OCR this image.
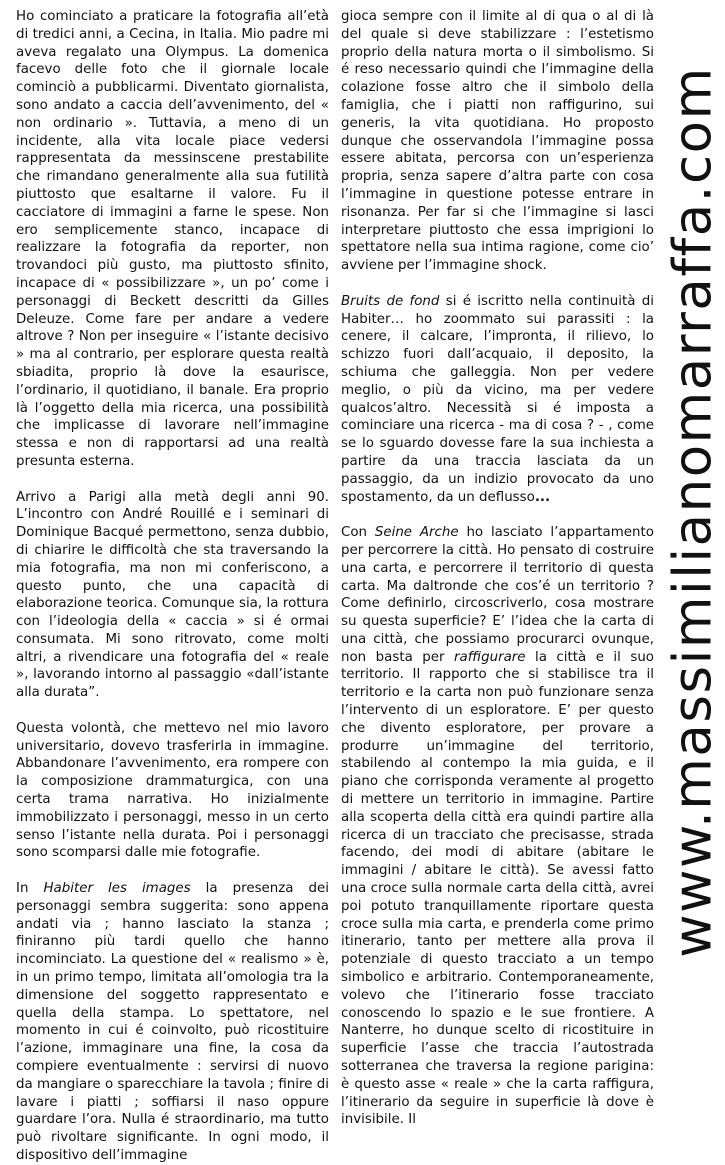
Ho cominciato a praticare la fotografia all’età di tredici anni, a Cecina, in Italia. Mio padre mi aveva regalato una Olympus. La domenica facevo delle foto che il giornale locale cominciò a pubblicarmi. Diventato giornalista, sono andato a caccia dell’avvenimento, del « non ordinario ». Tuttavia, a meno di un incidente, alla vita locale piace vedersi rappresentata da messinscene prestabilite che rimandano generalmente alla sua futilità piuttosto que esaltarne il valore. Fu il cacciatore di immagini a farne le spese. Non ero semplicemente stanco, incapace di realizzare la fotografia da reporter, non trovandoci più gusto, ma piuttosto sfinito, incapace di « possibilizzare », un po’ come i personaggi di Beckett descritti da Gilles Deleuze. Come fare per andare a vedere altrove ? Non per inseguire « l’istante decisivo » ma al contrario, per esplorare questa realtà sbiadita, proprio là dove la esaurisce, l’ordinario, il quotidiano, il banale. Era proprio là l’oggetto della mia ricerca, una possibilità che implicasse di lavorare nell’immagine stessa e non di rapportarsi ad una realtà presunta esterna.

Arrivo a Parigi alla metà degli anni 90. L’incontro con André Rouillé e i seminari di Dominique Bacqué permettono, senza dubbio, di chiarire le difficoltà che sta traversando la mia fotografia, ma non mi conferiscono, a questo punto, che una capacità di elaborazione teorica. Comunque sia, la rottura con l’ideologia della « caccia » si é ormai consumata. Mi sono ritrovato, come molti altri, a rivendicare una fotografia del « reale », lavorando intorno al passaggio «dall’istante alla durata”.

Questa volontà, che mettevo nel mio lavoro universitario, dovevo trasferirla in immagine. Abbandonare l’avvenimento, era rompere con la composizione drammaturgica, con una certa trama narrativa. Ho inizialmente immobilizzato i personaggi, messo in un certo senso l’istante nella durata. Poi i personaggi sono scomparsi dalle mie fotografie.

In Habiter les images la presenza dei personaggi sembra suggerita: sono appena andati via ; hanno lasciato la stanza ; finiranno più tardi quello che hanno incominciato. La questione del « realismo » è, in un primo tempo, limitata all’omologia tra la dimensione del soggetto rappresentato e quella della stampa. Lo spettatore, nel momento in cui é coinvolto, può ricostituire l’azione, immaginare una fine, la cosa da compiere eventualmente : servirsi di nuovo da mangiare o sparecchiare la tavola ; finire di lavare i piatti ; soffiarsi il naso oppure guardare l’ora. Nulla é straordinario, ma tutto può rivoltare significante. In ogni modo, il dispositivo dell’immagine

gioca sempre con il limite al di qua o al di là del quale si deve stabilizzare : l’estetismo proprio della natura morta o il simbolismo. Si é reso necessario quindi che l’immagine della colazione fosse altro che il simbolo della famiglia, che i piatti non raffigurino, sui generis, la vita quotidiana. Ho proposto dunque che osservandola l’immagine possa essere abitata, percorsa con un’esperienza propria, senza sapere d’altra parte con cosa l’immagine in questione potesse entrare in risonanza. Per far si che l’immagine si lasci interpretare piuttosto che essa imprigioni lo spettatore nella sua intima ragione, come cio’ avviene per l’immagine shock.

Bruits de fond si é iscritto nella continuità di Habiter… ho zoommato sui parassiti : la cenere, il calcare, l’impronta, il rilievo, lo schizzo fuori dall’acquaio, il deposito, la schiuma che galleggia. Non per vedere meglio, o più da vicino, ma per vedere qualcos’altro. Necessità si é imposta a cominciare una ricerca - ma di cosa ? - , come se lo sguardo dovesse fare la sua inchiesta a partire da una traccia lasciata da un passaggio, da un indizio provocato da uno spostamento, da un deflusso...

Con Seine Arche ho lasciato l’appartamento per percorrere la città. Ho pensato di costruire una carta, e percorrere il territorio di questa carta. Ma daltronde che cos’é un territorio ? Come definirlo, circoscriverlo, cosa mostrare su questa superficie? E’ l’idea che la carta di una città, che possiamo procurarci ovunque, non basta per raffigurare la città e il suo territorio. Il rapporto che si stabilisce tra il territorio e la carta non può funzionare senza l’intervento di un esploratore. E’ per questo che divento esploratore, per provare a produrre un’immagine del territorio, stabilendo al contempo la mia guida, e il piano che corrisponda veramente al progetto di mettere un territorio in immagine. Partire alla scoperta della città era quindi partire alla ricerca di un tracciato che precisasse, strada facendo, dei modi di abitare (abitare le immagini / abitare le città). Se avessi fatto una croce sulla normale carta della città, avrei poi potuto tranquillamente riportare questa croce sulla mia carta, e prenderla come primo itinerario, tanto per mettere alla prova il potenziale di questo tracciato a un tempo simbolico e arbitrario. Contemporaneamente, volevo che l’itinerario fosse tracciato conoscendo lo spazio e le sue frontiere. A Nanterre, ho dunque scelto di ricostituire in superficie l’asse che traccia l’autostrada sotterranea che traversa la regione parigina: è questo asse « reale » che la carta raffigura, l’itinerario da seguire in superficie là dove è invisibile. Il

www.massimilianomarraffa.com
